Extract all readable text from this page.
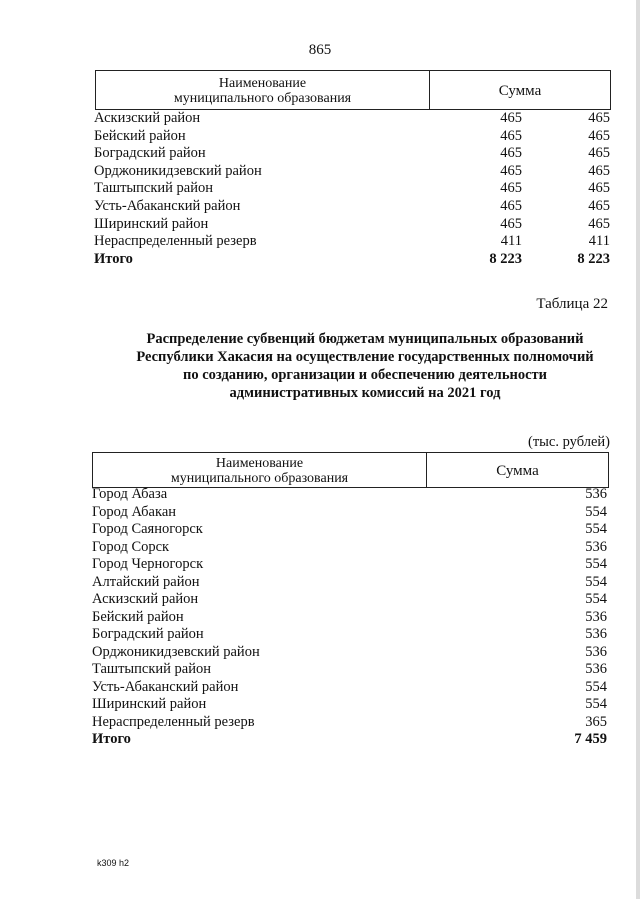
865
Наименование
муниципального образования	Сумма
Аскизский район	465	465
Бейский район	465	465
Боградский район	465	465
Орджоникидзевский район	465	465
Таштыпский район	465	465
Усть-Абаканский район	465	465
Ширинский район	465	465
Нераспределенный резерв	411	411
Итого	8 223	8 223
Таблица 22
Распределение субвенций бюджетам муниципальных образований
Республики Хакасия на осуществление государственных полномочий
по созданию, организации и обеспечению деятельности
административных комиссий на 2021 год
(тыс. рублей)
Наименование
муниципального образования	Сумма
Город Абаза	536
Город Абакан	554
Город Саяногорск	554
Город Сорск	536
Город Черногорск	554
Алтайский район	554
Аскизский район	554
Бейский район	536
Боградский район	536
Орджоникидзевский район	536
Таштыпский район	536
Усть-Абаканский район	554
Ширинский район	554
Нераспределенный резерв	365
Итого	7 459
k309 h2
